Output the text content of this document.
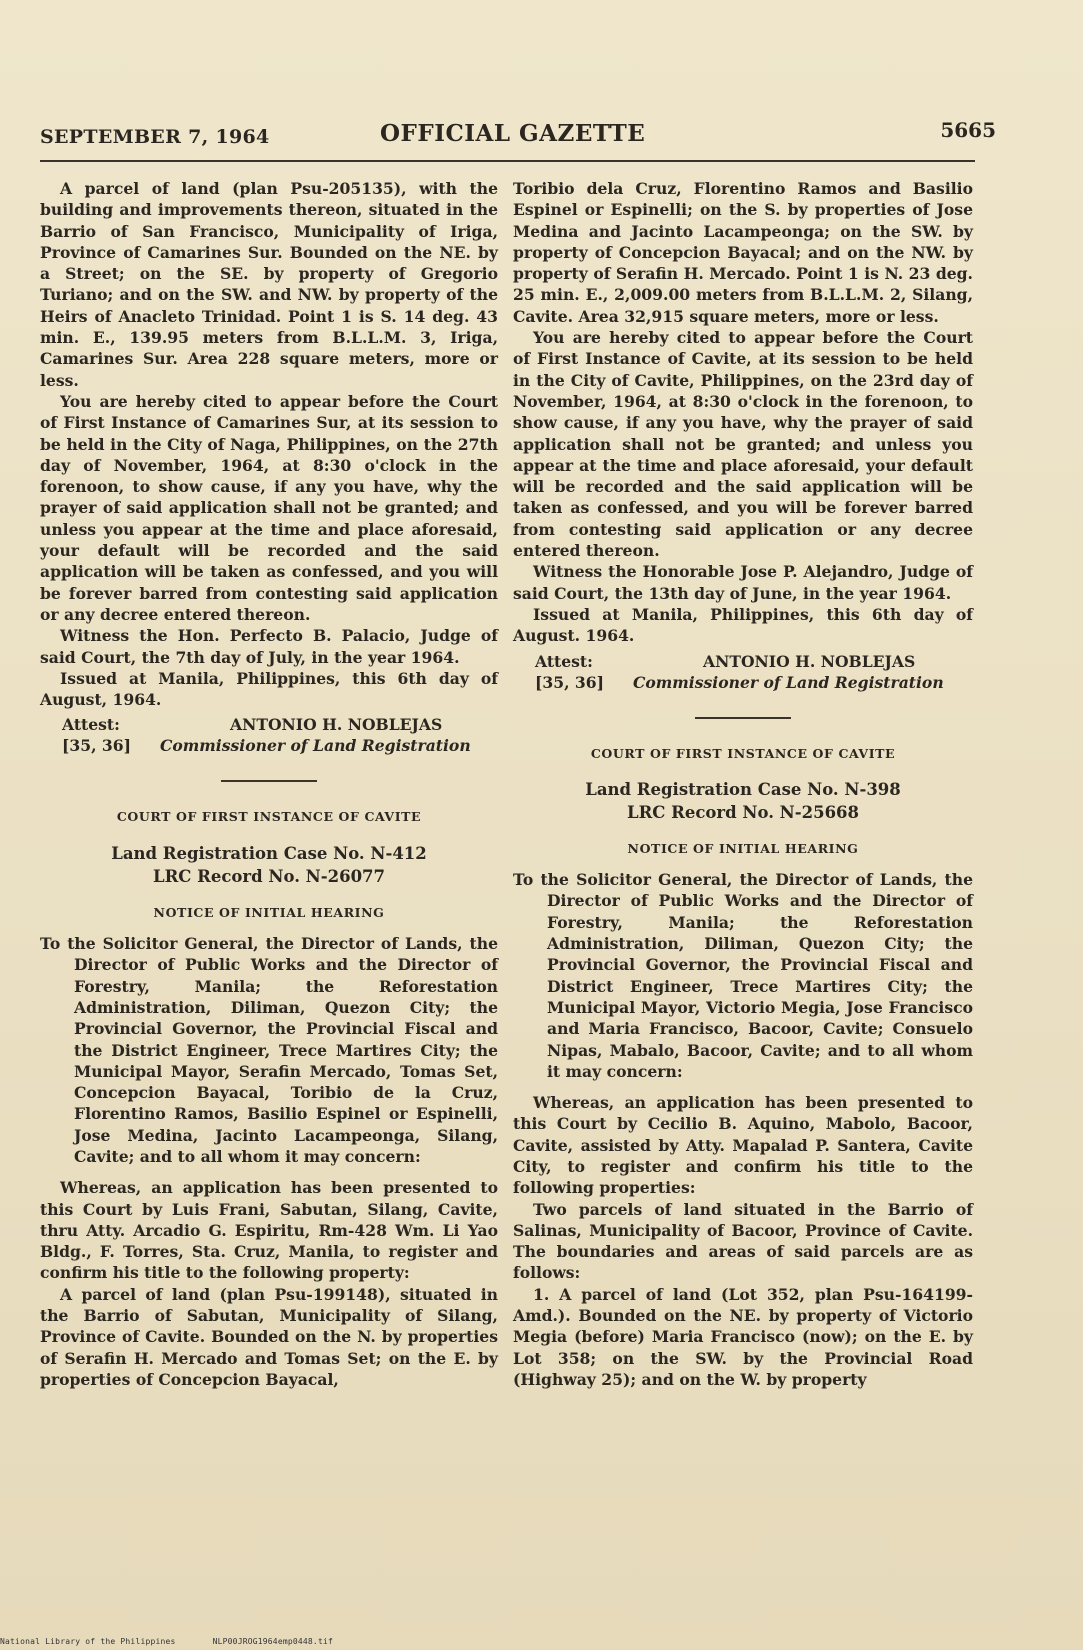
SEPTEMBER 7, 1964	OFFICIAL GAZETTE	5665

A parcel of land (plan Psu-205135), with the building and improvements thereon, situated in the Barrio of San Francisco, Municipality of Iriga, Province of Camarines Sur. Bounded on the NE. by a Street; on the SE. by property of Gregorio Turiano; and on the SW. and NW. by property of the Heirs of Anacleto Trinidad. Point 1 is S. 14 deg. 43 min. E., 139.95 meters from B.L.L.M. 3, Iriga, Camarines Sur. Area 228 square meters, more or less.

You are hereby cited to appear before the Court of First Instance of Camarines Sur, at its session to be held in the City of Naga, Philippines, on the 27th day of November, 1964, at 8:30 o'clock in the forenoon, to show cause, if any you have, why the prayer of said application shall not be granted; and unless you appear at the time and place aforesaid, your default will be recorded and the said application will be taken as confessed, and you will be forever barred from contesting said application or any decree entered thereon.

Witness the Hon. Perfecto B. Palacio, Judge of said Court, the 7th day of July, in the year 1964.

Issued at Manila, Philippines, this 6th day of August, 1964.

Attest:	ANTONIO H. NOBLEJAS
[35, 36] Commissioner of Land Registration

COURT OF FIRST INSTANCE OF CAVITE

Land Registration Case No. N-412

LRC Record No. N-26077

NOTICE OF INITIAL HEARING

To the Solicitor General, the Director of Lands, the Director of Public Works and the Director of Forestry, Manila; the Reforestation Administration, Diliman, Quezon City; the Provincial Governor, the Provincial Fiscal and the District Engineer, Trece Martires City; the Municipal Mayor, Serafin Mercado, Tomas Set, Concepcion Bayacal, Toribio de la Cruz, Florentino Ramos, Basilio Espinel or Espinelli, Jose Medina, Jacinto Lacampeonga, Silang, Cavite; and to all whom it may concern:

Whereas, an application has been presented to this Court by Luis Frani, Sabutan, Silang, Cavite, thru Atty. Arcadio G. Espiritu, Rm-428 Wm. Li Yao Bldg., F. Torres, Sta. Cruz, Manila, to register and confirm his title to the following property:

A parcel of land (plan Psu-199148), situated in the Barrio of Sabutan, Municipality of Silang, Province of Cavite. Bounded on the N. by properties of Serafin H. Mercado and Tomas Set; on the E. by properties of Concepcion Bayacal,

Toribio dela Cruz, Florentino Ramos and Basilio Espinel or Espinelli; on the S. by properties of Jose Medina and Jacinto Lacampeonga; on the SW. by property of Concepcion Bayacal; and on the NW. by property of Serafin H. Mercado. Point 1 is N. 23 deg. 25 min. E., 2,009.00 meters from B.L.L.M. 2, Silang, Cavite. Area 32,915 square meters, more or less.

You are hereby cited to appear before the Court of First Instance of Cavite, at its session to be held in the City of Cavite, Philippines, on the 23rd day of November, 1964, at 8:30 o'clock in the forenoon, to show cause, if any you have, why the prayer of said application shall not be granted; and unless you appear at the time and place aforesaid, your default will be recorded and the said application will be taken as confessed, and you will be forever barred from contesting said application or any decree entered thereon.

Witness the Honorable Jose P. Alejandro, Judge of said Court, the 13th day of June, in the year 1964.

Issued at Manila, Philippines, this 6th day of August. 1964.

Attest:	ANTONIO H. NOBLEJAS
[35, 36] Commissioner of Land Registration

COURT OF FIRST INSTANCE OF CAVITE

Land Registration Case No. N-398

LRC Record No. N-25668

NOTICE OF INITIAL HEARING

To the Solicitor General, the Director of Lands, the Director of Public Works and the Director of Forestry, Manila; the Reforestation Administration, Diliman, Quezon City; the Provincial Governor, the Provincial Fiscal and District Engineer, Trece Martires City; the Municipal Mayor, Victorio Megia, Jose Francisco and Maria Francisco, Bacoor, Cavite; Consuelo Nipas, Mabalo, Bacoor, Cavite; and to all whom it may concern:

Whereas, an application has been presented to this Court by Cecilio B. Aquino, Mabolo, Bacoor, Cavite, assisted by Atty. Mapalad P. Santera, Cavite City, to register and confirm his title to the following properties:

Two parcels of land situated in the Barrio of Salinas, Municipality of Bacoor, Province of Cavite. The boundaries and areas of said parcels are as follows:

1. A parcel of land (Lot 352, plan Psu-164199-Amd.). Bounded on the NE. by property of Victorio Megia (before) Maria Francisco (now); on the E. by Lot 358; on the SW. by the Provincial Road (Highway 25); and on the W. by property

National Library of the Philippines	NLP00JROG1964emp0448.tif
